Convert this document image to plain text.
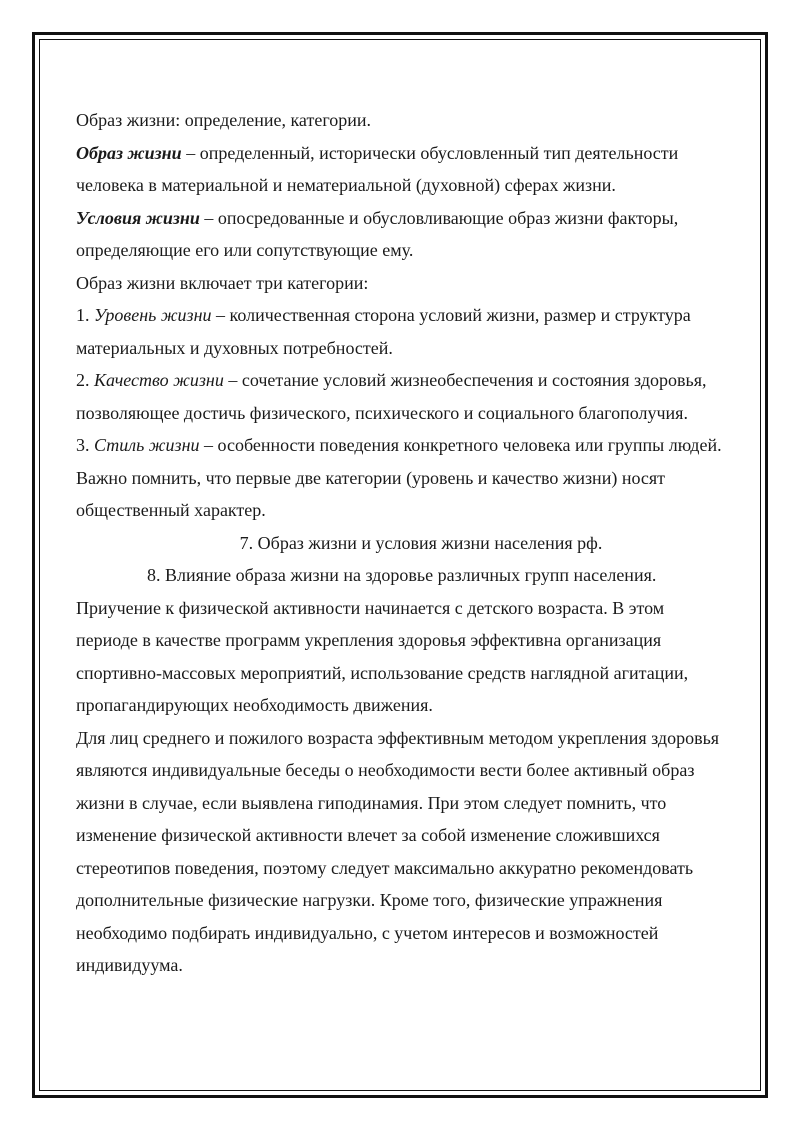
Образ жизни: определение, категории.

Образ жизни – определенный, исторически обусловленный тип деятельности человека в материальной и нематериальной (духовной) сферах жизни.

Условия жизни – опосредованные и обусловливающие образ жизни факторы, определяющие его или сопутствующие ему.

Образ жизни включает три категории:

1. Уровень жизни – количественная сторона условий жизни, размер и структура материальных и духовных потребностей.

2. Качество жизни – сочетание условий жизнеобеспечения и состояния здоровья, позволяющее достичь физического, психического и социального благополучия.

3. Стиль жизни – особенности поведения конкретного человека или группы людей.

Важно помнить, что первые две категории (уровень и качество жизни) носят общественный характер.

7. Образ жизни и условия жизни населения рф.

8. Влияние образа жизни на здоровье различных групп населения.

Приучение к физической активности начинается с детского возраста. В этом периоде в качестве программ укрепления здоровья эффективна организация спортивно-массовых мероприятий, использование средств наглядной агитации, пропагандирующих необходимость движения.

Для лиц среднего и пожилого возраста эффективным методом укрепления здоровья являются индивидуальные беседы о необходимости вести более активный образ жизни в случае, если выявлена гиподинамия. При этом следует помнить, что изменение физической активности влечет за собой изменение сложившихся стереотипов поведения, поэтому следует максимально аккуратно рекомендовать дополнительные физические нагрузки. Кроме того, физические упражнения необходимо подбирать индивидуально, с учетом интересов и возможностей индивидуума.
